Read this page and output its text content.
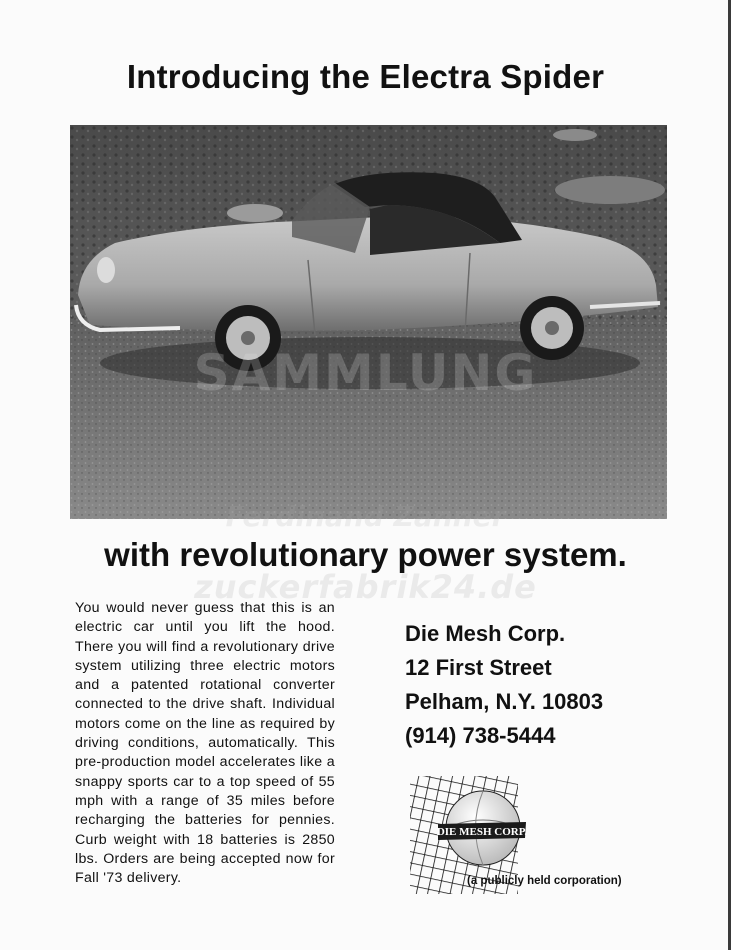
Introducing the Electra Spider
SAMMLUNG
with revolutionary power system.
zuckerfabrik24.de
You would never guess that this is an electric car until you lift the hood. There you will find a revolutionary drive system utilizing three electric motors and a patented rotational converter connected to the drive shaft. Individual motors come on the line as required by driving conditions, automatically. This pre-production model accelerates like a snappy sports car to a top speed of 55 mph with a range of 35 miles before recharging the batteries for pennies. Curb weight with 18 batteries is 2850 lbs. Orders are being accepted now for Fall '73 delivery.
Die Mesh Corp.
12 First Street
Pelham, N.Y. 10803
(914) 738-5444
DIE MESH CORP.
(a publicly held corporation)
